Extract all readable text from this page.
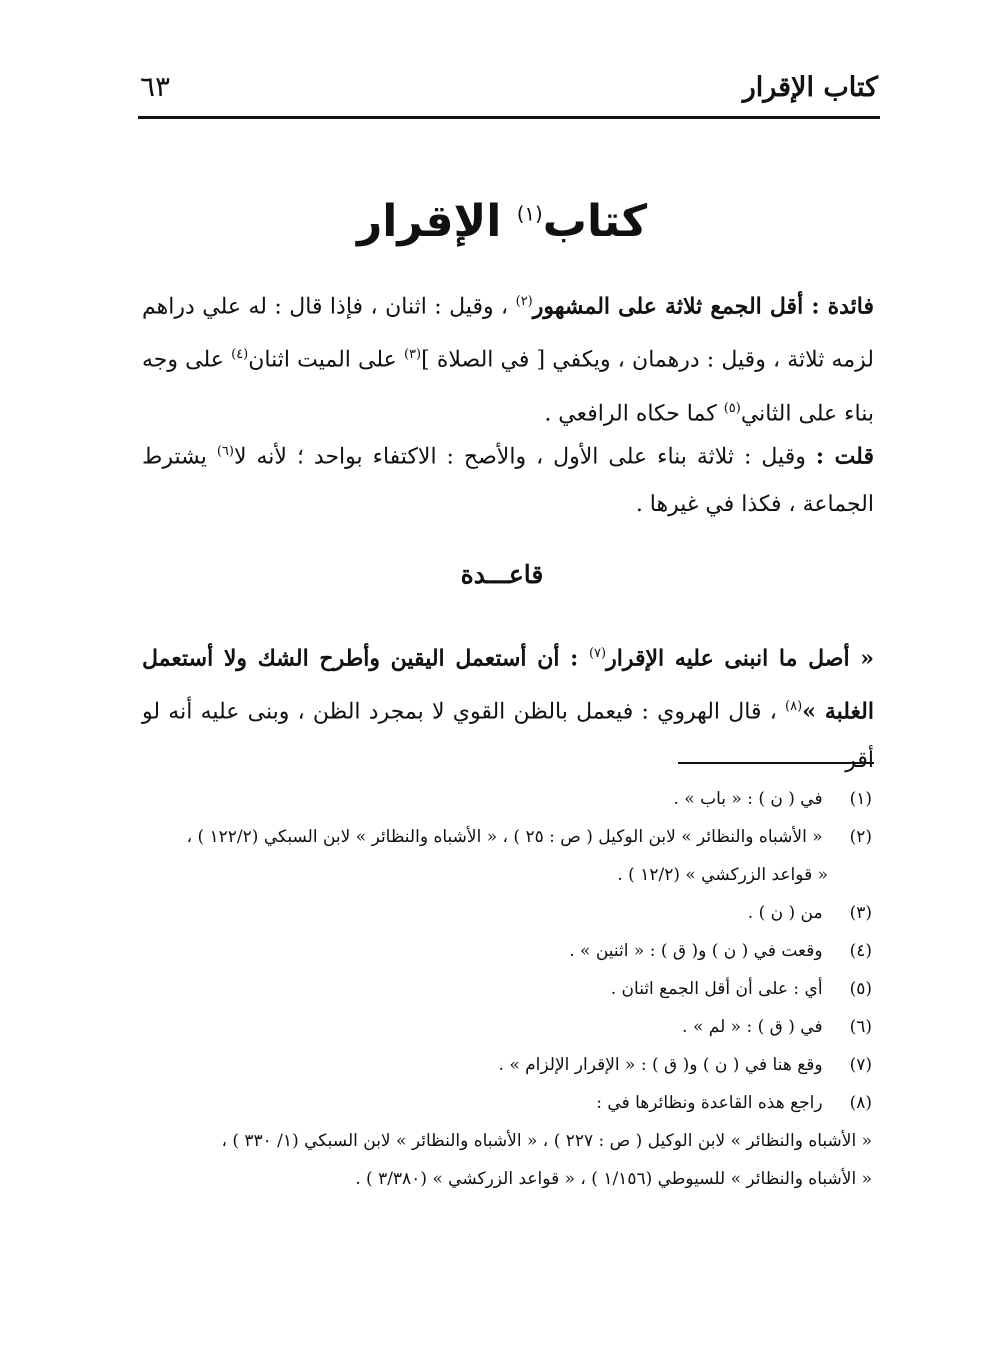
كتاب الإقرار
٦٣
كتاب$^{(١)}$ الإقرار
فائدة : أقل الجمع ثلاثة على المشهور$^{(٢)}$ ، وقيل : اثنان ، فإذا قال : له علي دراهم لزمه ثلاثة ، وقيل : درهمان ، ويكفي [ في الصلاة ]$^{(٣)}$ على الميت اثنان$^{(٤)}$ على وجه بناء على الثاني$^{(٥)}$ كما حكاه الرافعي .
قلت : وقيل : ثلاثة بناء على الأول ، والأصح : الاكتفاء بواحد ؛ لأنه لا$^{(٦)}$ يشترط الجماعة ، فكذا في غيرها .
قاعـــدة
« أصل ما انبنى عليه الإقرار$^{(٧)}$ : أن أستعمل اليقين وأطرح الشك ولا أستعمل الغلبة »$^{(٨)}$ ، قال الهروي : فيعمل بالظن القوي لا بمجرد الظن ، وبنى عليه أنه لو أقر
(١) في ( ن ) : « باب » .
(٢) « الأشباه والنظائر » لابن الوكيل ( ص : ٢٥ ) ، « الأشباه والنظائر » لابن السبكي (١٢٢/٢ ) ،
« قواعد الزركشي » (١٢/٢ ) .
(٣) من ( ن ) .
(٤) وقعت في ( ن ) و( ق ) : « اثنين » .
(٥) أي : على أن أقل الجمع اثنان .
(٦) في ( ق ) : « لم » .
(٧) وقع هنا في ( ن ) و( ق ) : « الإقرار الإلزام » .
(٨) راجع هذه القاعدة ونظائرها في :
« الأشباه والنظائر » لابن الوكيل ( ص : ٢٢٧ ) ، « الأشباه والنظائر » لابن السبكي (١/ ٣٣٠ ) ،
« الأشباه والنظائر » للسيوطي (١/١٥٦ ) ، « قواعد الزركشي » (٣/٣٨٠ ) .
